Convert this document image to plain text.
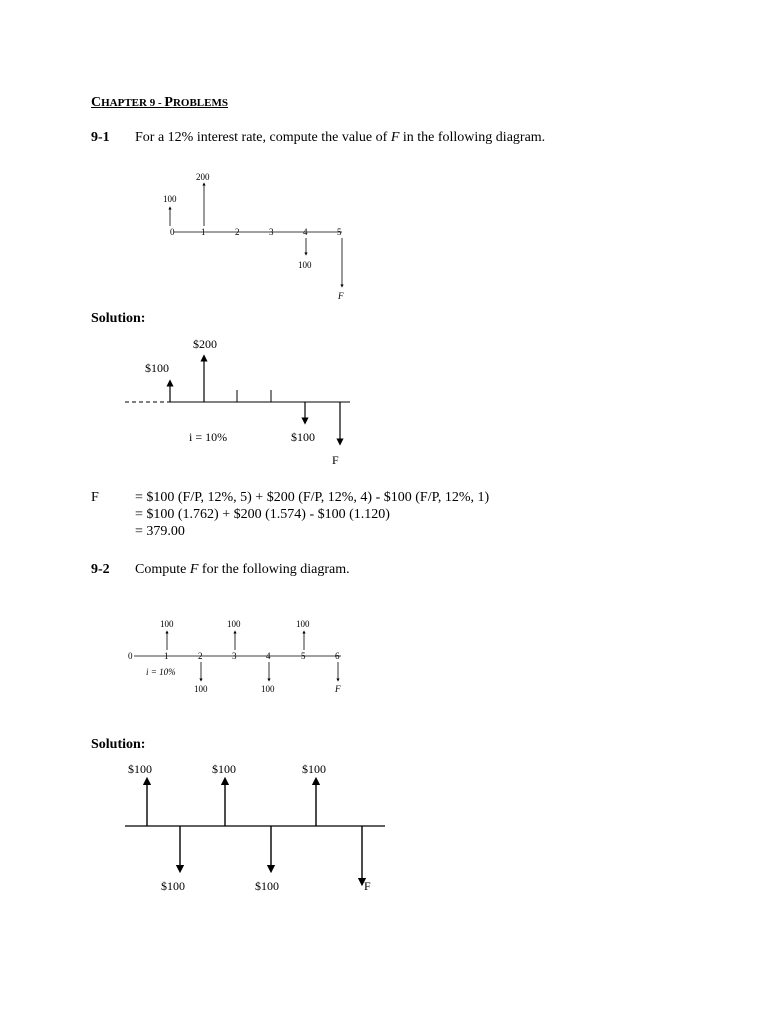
CHAPTER 9 - PROBLEMS
9-1 For a 12% interest rate, compute the value of F in the following diagram.
0	1	2	3	4	5
100
200
100
F
Solution:
$100
$200
i = 10%	$100
F
F	= $100 (F/P, 12%, 5) + $200 (F/P, 12%, 4) - $100 (F/P, 12%, 1)
= $100 (1.762) + $200 (1.574) - $100 (1.120)
= 379.00
9-2 Compute F for the following diagram.
0	1	2	3	4	5	6
100	100	100
100	100	F
i = 10%
Solution:
$100	$100	$100
$100	$100	F
